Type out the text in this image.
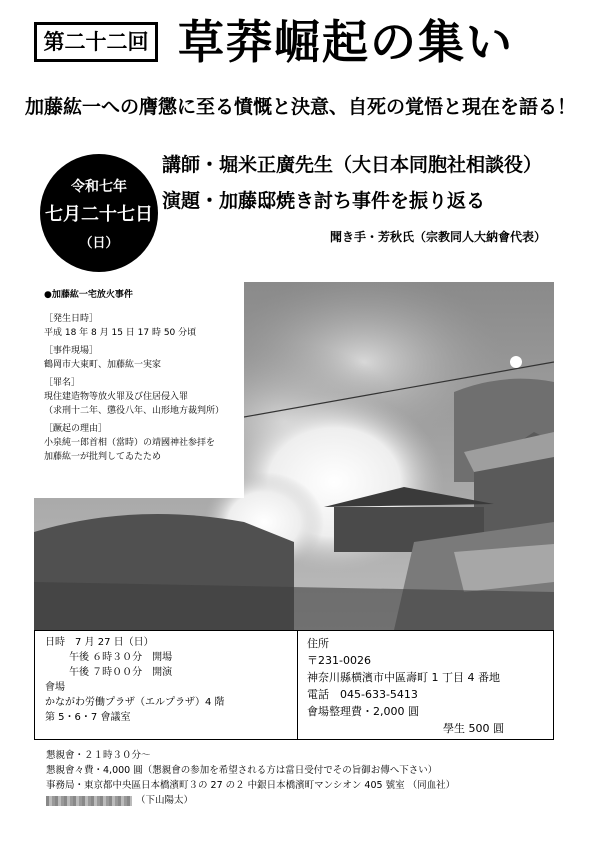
第二十二回 草莽崛起の集い
加藤紘一への膺懲に至る憤慨と決意、自死の覚悟と現在を語る！
令和七年
七月二十七日
（日）
講師・堀米正廣先生（大日本同胞社相談役）
演題・加藤邸焼き討ち事件を振り返る
聞き手・芳秋氏（宗教同人大納會代表）
●加藤紘一宅放火事件
［発生日時］
平成 18 年 8 月 15 日 17 時 50 分頃
［事件現場］
鶴岡市大東町、加藤紘一実家
［罪名］
現住建造物等放火罪及び住居侵入罪
（求刑十二年、懲役八年、山形地方裁判所）
［蹶起の理由］
小泉純一郎首相（當時）の靖國神社参拝を
加藤紘一が批判してゐたため
日時　7 月 27 日（日）
午後 ６時３０分　開場
午後 ７時００分　開演
會場
かながわ労働プラザ（エルプラザ）4 階
第 5・6・7 會議室
住所
〒231‐0026
神奈川縣横濱市中區壽町 1 丁目 4 番地
電話　045‐633‐5413
會場整理費・2,000 圓
學生 500 圓
懇親會・２１時３０分～
懇親會々費・4,000 圓（懇親會の参加を希望される方は當日受付でその旨御お傳へ下さい）
事務局・東京都中央區日本橋濱町３の 27 の２ 中銀日本橋濱町マンシオン 405 號室 （同血社）
（下山陽太）
